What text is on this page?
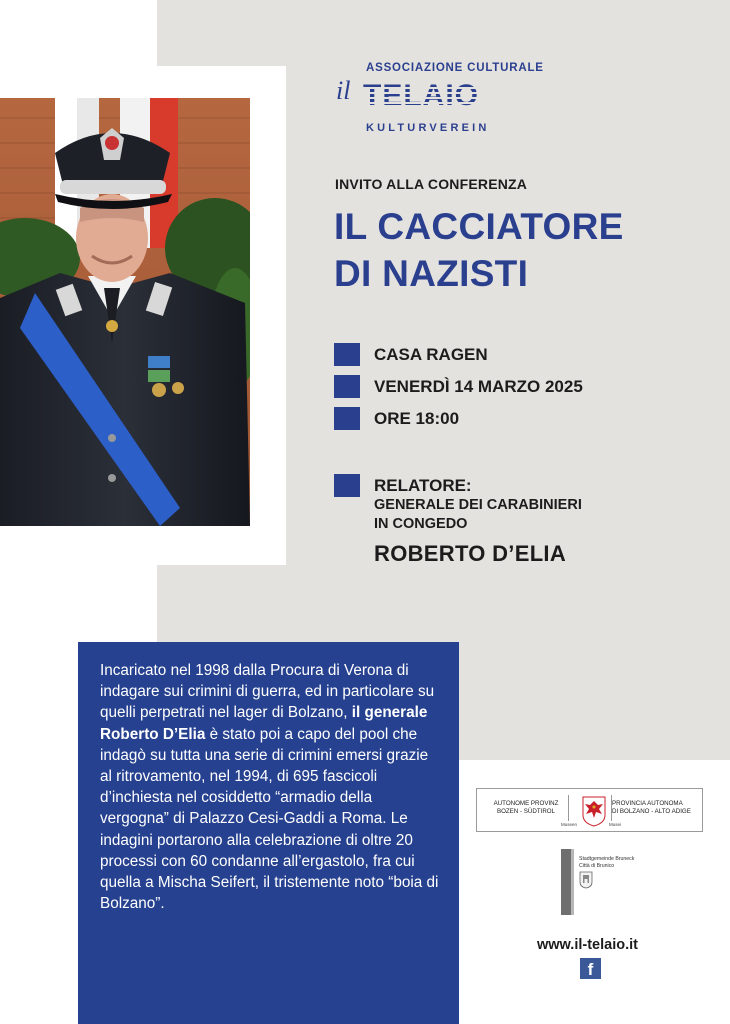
ASSOCIAZIONE CULTURALE
il TELAIO
KULTURVEREIN
INVITO ALLA CONFERENZA
IL CACCIATORE
DI NAZISTI
CASA RAGEN
VENERDÌ 14 MARZO 2025
ORE 18:00
RELATORE:
GENERALE DEI CARABINIERI
IN CONGEDO
ROBERTO D’ELIA

Incaricato nel 1998 dalla Procura di Verona di indagare sui crimini di guerra, ed in particolare su quelli perpetrati nel lager di Bolzano, il generale Roberto D’Elia è stato poi a capo del pool che indagò su tutta una serie di crimini emersi grazie al ritrovamento, nel 1994, di 695 fascicoli d’inchiesta nel cosiddetto “armadio della vergogna” di Palazzo Cesi-Gaddi a Roma. Le indagini portarono alla celebrazione di oltre 20 processi con 60 condanne all’ergastolo, fra cui quella a Mischa Seifert, il tristemente noto “boia di Bolzano”.

AUTONOME PROVINZ
BOZEN - SÜDTIROL
PROVINCIA AUTONOMA
DI BOLZANO - ALTO ADIGE
Museen	Musei
Stadtgemeinde Bruneck
Città di Brunico
www.il-telaio.it
f
